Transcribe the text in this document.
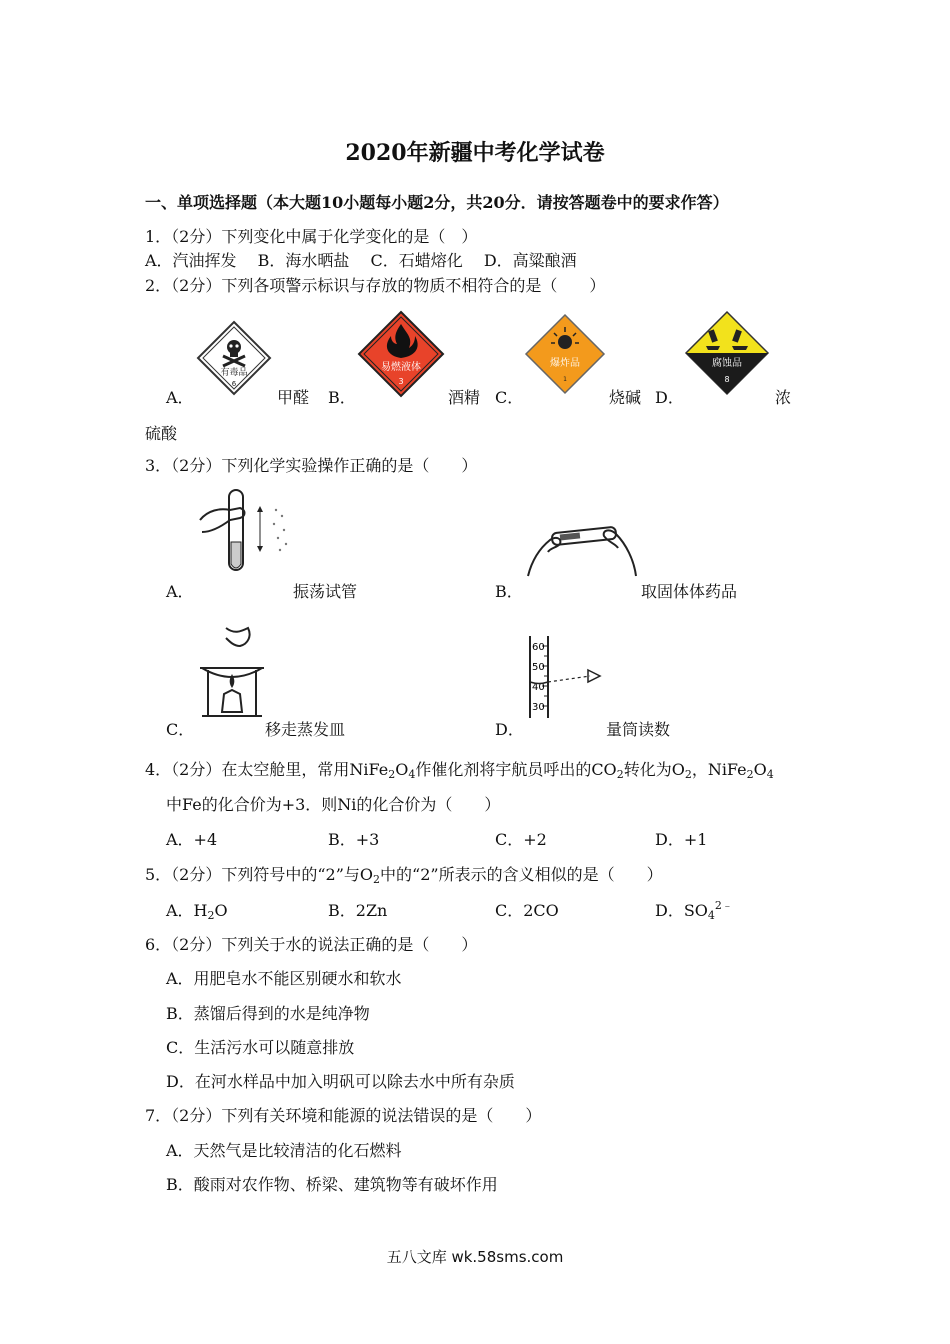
2020年新疆中考化学试卷
一、单项选择题（本大题10小题每小题2分，共20分．请按答题卷中的要求作答）
1．（2分）下列变化中属于化学变化的是（　）
A．汽油挥发　 B．海水晒盐　 C．石蜡熔化　 D．高粱酿酒
2．（2分）下列各项警示标识与存放的物质不相符合的是（　　）
有毒品
6
易燃液体
3
爆炸品
1
腐蚀品
8
A．	甲醛 B．	酒精 C．	烧碱 D．	浓
硫酸
3．（2分）下列化学实验操作正确的是（　　）
60
50
40
30
A．	振荡试管	B．	取固体体药品
C．	移走蒸发皿	D．	量筒读数
4．（2分）在太空舱里，常用$NiFe_2O_4$作催化剂将宇航员呼出的$CO_2$转化为$O_2$，$NiFe_2O_4$
中Fe的化合价为+3．则Ni的化合价为（　　）
A．+4	B．+3	C．+2	D．+1
5．（2分）下列符号中的“2”与$O_2$中的“2”所表示的含义相似的是（　　）
A．$H_2O$	B．2Zn	C．2CO	D．$SO_4^{2﹣}$
6．（2分）下列关于水的说法正确的是（　　）
A．用肥皂水不能区别硬水和软水
B．蒸馏后得到的水是纯净物
C．生活污水可以随意排放
D．在河水样品中加入明矾可以除去水中所有杂质
7．（2分）下列有关环境和能源的说法错误的是（　　）
A．天然气是比较清洁的化石燃料
B．酸雨对农作物、桥梁、建筑物等有破坏作用
五八文库 wk.58sms.com
